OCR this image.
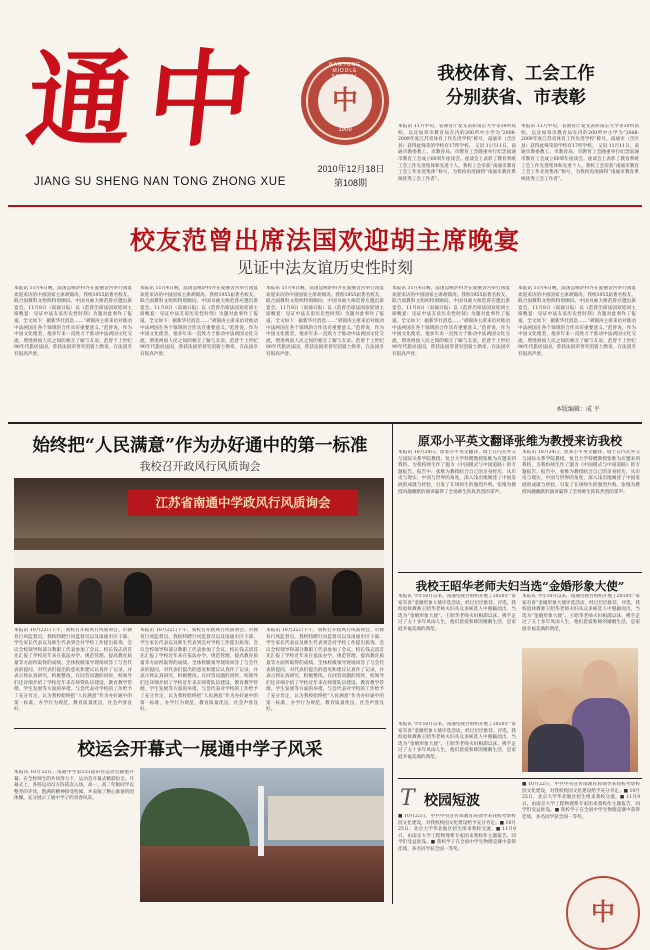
通中
JIANG SU SHENG NAN TONG ZHONG XUE
NANTONG MIDDLE
中
1909
2010年12月18日
第108期
我校体育、工会工作
分别获省、市表彰
本报讯 11月中旬，省教育厅发文表彰南京大学等30所高校，以及如皋市教育局在内的200所中小学为“2008-2009年度江苏省体育工作先进学校”称号，南通市（含区县）获得此殊荣的学校有17所学校。 又讯 11月11日，南通市教委教工、市教育局、市教育工会隆重举行纪念南通市教育工会成立60周年座谈会。座谈会上表彰了教育系统工会工作先进集体和先进个人。我校工会荣获“南通市教育工会工作先进集体”称号，为我校再度摘得“南通市教育系统优秀工会工作者”。
本报讯 11月中旬，省教育厅发文表彰南京大学等30所高校，以及如皋市教育局在内的200所中小学为“2008-2009年度江苏省体育工作先进学校”称号，南通市（含区县）获得此殊荣的学校有17所学校。 又讯 11月11日，南通市教委教工、市教育局、市教育工会隆重举行纪念南通市教育工会成立60周年座谈会。座谈会上表彰了教育系统工会工作先进集体和先进个人。我校工会荣获“南通市教育工会工作先进集体”称号，为我校再度摘得“南通市教育系统优秀工会工作者”。
校友范曾出席法国欢迎胡主席晚宴
见证中法友谊历史性时刻
本报讯 11月4日晚，法国总统萨科齐在爱丽舍宫举行国宴欢迎来访的中国国家主席胡锦涛。我校1955届著名校友、联合国教科文组织特别顾问、中国书画大师范曾应邀出席宴会。11月8日（南通日报）以《范曾出席法国欢迎胡主席晚宴：见证中法友谊历史性时刻》为题对此事作了报道。全文如下：据新华社消息……“胡锦涛主席来访对推动中法两国在各个领域的合作具有重要意义。”范曾说，作为中国文化使者，他多年来一直致力于推动中法两国文化交流，增进两国人民之间的相互了解与友谊。范曾于上世纪90年代旅居法国，曾获法国荣誉军团骑士勋章，在法国享有很高声誉。
本报讯 11月4日晚，法国总统萨科齐在爱丽舍宫举行国宴欢迎来访的中国国家主席胡锦涛。我校1955届著名校友、联合国教科文组织特别顾问、中国书画大师范曾应邀出席宴会。11月8日（南通日报）以《范曾出席法国欢迎胡主席晚宴：见证中法友谊历史性时刻》为题对此事作了报道。全文如下：据新华社消息……“胡锦涛主席来访对推动中法两国在各个领域的合作具有重要意义。”范曾说，作为中国文化使者，他多年来一直致力于推动中法两国文化交流，增进两国人民之间的相互了解与友谊。范曾于上世纪90年代旅居法国，曾获法国荣誉军团骑士勋章，在法国享有很高声誉。
本报讯 11月4日晚，法国总统萨科齐在爱丽舍宫举行国宴欢迎来访的中国国家主席胡锦涛。我校1955届著名校友、联合国教科文组织特别顾问、中国书画大师范曾应邀出席宴会。11月8日（南通日报）以《范曾出席法国欢迎胡主席晚宴：见证中法友谊历史性时刻》为题对此事作了报道。全文如下：据新华社消息……“胡锦涛主席来访对推动中法两国在各个领域的合作具有重要意义。”范曾说，作为中国文化使者，他多年来一直致力于推动中法两国文化交流，增进两国人民之间的相互了解与友谊。范曾于上世纪90年代旅居法国，曾获法国荣誉军团骑士勋章，在法国享有很高声誉。
本报讯 11月4日晚，法国总统萨科齐在爱丽舍宫举行国宴欢迎来访的中国国家主席胡锦涛。我校1955届著名校友、联合国教科文组织特别顾问、中国书画大师范曾应邀出席宴会。11月8日（南通日报）以《范曾出席法国欢迎胡主席晚宴：见证中法友谊历史性时刻》为题对此事作了报道。全文如下：据新华社消息……“胡锦涛主席来访对推动中法两国在各个领域的合作具有重要意义。”范曾说，作为中国文化使者，他多年来一直致力于推动中法两国文化交流，增进两国人民之间的相互了解与友谊。范曾于上世纪90年代旅居法国，曾获法国荣誉军团骑士勋章，在法国享有很高声誉。
本报讯 11月4日晚，法国总统萨科齐在爱丽舍宫举行国宴欢迎来访的中国国家主席胡锦涛。我校1955届著名校友、联合国教科文组织特别顾问、中国书画大师范曾应邀出席宴会。11月8日（南通日报）以《范曾出席法国欢迎胡主席晚宴：见证中法友谊历史性时刻》为题对此事作了报道。全文如下：据新华社消息……“胡锦涛主席来访对推动中法两国在各个领域的合作具有重要意义。”范曾说，作为中国文化使者，他多年来一直致力于推动中法两国文化交流，增进两国人民之间的相互了解与友谊。范曾于上世纪90年代旅居法国，曾获法国荣誉军团骑士勋章，在法国享有很高声誉。
本版编辑：成 平
始终把“人民满意”作为办好通中的第一标准
我校召开政风行风质询会
江苏省南通中学政风行风质询会
本报讯 10月22日下午，我校召开政风行风质询会。市教育行风监督员、我校特聘行风监督员以及南通市区干部、学生家长代表以及师生代表到会对学校工作提出质询。会议全校领导和部分教职工代表参加了会议。校长钱志清首先汇报了学校近年来在依法办学、规范管理、提高教育质量等方面所取得的成绩。全体校级领导现场回答了与会代表的提问，对代表们提出的意见和建议认真作了记录，并表示将认真研究，积极整改。在回答问题的同时，校领导们还详细介绍了学校近年来在师资队伍建设、教育教学管理、学生发展等方面的举措。与会代表对学校的工作给予了充分肯定，认为我校始终把“人民满意”作为办好通中的第一标准，办学行为规范，教育质量优良，社会声誉良好。
本报讯 10月22日下午，我校召开政风行风质询会。市教育行风监督员、我校特聘行风监督员以及南通市区干部、学生家长代表以及师生代表到会对学校工作提出质询。会议全校领导和部分教职工代表参加了会议。校长钱志清首先汇报了学校近年来在依法办学、规范管理、提高教育质量等方面所取得的成绩。全体校级领导现场回答了与会代表的提问，对代表们提出的意见和建议认真作了记录，并表示将认真研究，积极整改。在回答问题的同时，校领导们还详细介绍了学校近年来在师资队伍建设、教育教学管理、学生发展等方面的举措。与会代表对学校的工作给予了充分肯定，认为我校始终把“人民满意”作为办好通中的第一标准，办学行为规范，教育质量优良，社会声誉良好。
本报讯 10月22日下午，我校召开政风行风质询会。市教育行风监督员、我校特聘行风监督员以及南通市区干部、学生家长代表以及师生代表到会对学校工作提出质询。会议全校领导和部分教职工代表参加了会议。校长钱志清首先汇报了学校近年来在依法办学、规范管理、提高教育质量等方面所取得的成绩。全体校级领导现场回答了与会代表的提问，对代表们提出的意见和建议认真作了记录，并表示将认真研究，积极整改。在回答问题的同时，校领导们还详细介绍了学校近年来在师资队伍建设、教育教学管理、学生发展等方面的举措。与会代表对学校的工作给予了充分肯定，认为我校始终把“人民满意”作为办好通中的第一标准，办学行为规范，教育质量优良，社会声誉良好。
校运会开幕式一展通中学子风采
本报讯 10月22日，南通中学第133届田径运动会隆重开幕。在全校师生的共同努力下，运动会开幕式精彩纷呈。开幕式上，各班运动员方阵依次入场，高一、高二年级同学以整齐的步伐、饱满的精神接受检阅，并表演了精心准备的团体操，充分展示了通中学子的青春风采。
原邓小平英文翻译张维为教授来访我校
本报讯 10月24日，原邓小平英文翻译、瑞士日内瓦外交与国际关系学院教授、复旦大学特聘教授张维为应邀来到我校，为我校师生作了题为《中国模式与中国道路》的专题报告。报告中，张维为教授结合自己的亲身经历，从历史与现实、中国与世界的角度，深入浅出地阐述了中国发展的成就与经验，引发了在场师生的强烈共鸣。张维为教授风趣幽默的演讲赢得了全场师生阵阵热烈的掌声。
本报讯 10月24日，原邓小平英文翻译、瑞士日内瓦外交与国际关系学院教授、复旦大学特聘教授张维为应邀来到我校，为我校师生作了题为《中国模式与中国道路》的专题报告。报告中，张维为教授结合自己的亲身经历，从历史与现实、中国与世界的角度，深入浅出地阐述了中国发展的成就与经验，引发了在场师生的强烈共鸣。张维为教授风趣幽默的演讲赢得了全场师生阵阵热烈的掌声。
我校王昭华老师夫妇当选“金婚形象大使”
本报讯 今年10月以来，南通电视台组织开展了2010年“家家有喜”金婚形象大使评选活动，经过层层推荐、评选，我校退休教师王昭华老师夫妇从众多候选人中脱颖而出，当选为“金婚形象大使”。王昭华老师夫妇相濡以沫、携手走过了五十多年风雨人生，他们恩爱和睦的婚姻生活，是家庭幸福美满的典范。
本报讯 今年10月以来，南通电视台组织开展了2010年“家家有喜”金婚形象大使评选活动，经过层层推荐、评选，我校退休教师王昭华老师夫妇从众多候选人中脱颖而出，当选为“金婚形象大使”。王昭华老师夫妇相濡以沫、携手走过了五十多年风雨人生，他们恩爱和睦的婚姻生活，是家庭幸福美满的典范。
本报讯 今年10月以来，南通电视台组织开展了2010年“家家有喜”金婚形象大使评选活动，经过层层推荐、评选，我校退休教师王昭华老师夫妇从众多候选人中脱颖而出，当选为“金婚形象大使”。王昭华老师夫妇相濡以沫、携手走过了五十多年风雨人生，他们恩爱和睦的婚姻生活，是家庭幸福美满的典范。
T 校园短波
■ 10月22日，中共中央宣传部教育局领导来我校考察校园文化建设，对我校校园文化建设给予充分肯定。■ 10月25日，北京大学华北地区招生组来我校交流。■ 11月9日，由南京大学工程物理系专家团来我校作主题报告，同学们受益匪浅。■ 我校学子在全国中学生物理竞赛中获得佳绩，多名同学获全国一等奖。
■ 10月22日，中共中央宣传部教育局领导来我校考察校园文化建设，对我校校园文化建设给予充分肯定。■ 10月25日，北京大学华北地区招生组来我校交流。■ 11月9日，由南京大学工程物理系专家团来我校作主题报告，同学们受益匪浅。■ 我校学子在全国中学生物理竞赛中获得佳绩，多名同学获全国一等奖。
中
